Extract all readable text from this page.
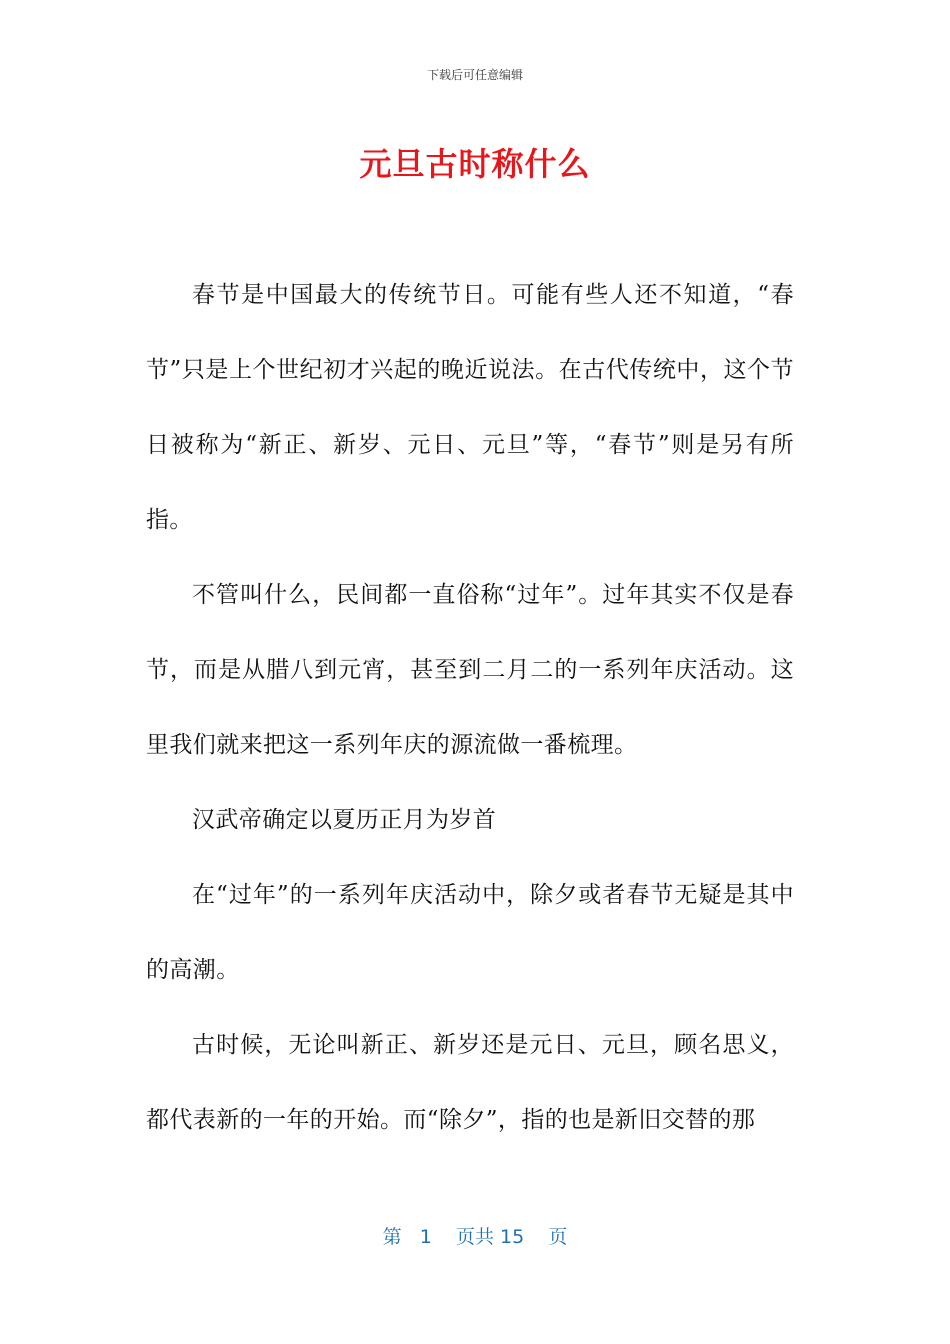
下载后可任意编辑
元旦古时称什么

春节是中国最大的传统节日。可能有些人还不知道，“春节”只是上个世纪初才兴起的晚近说法。在古代传统中，这个节日被称为“新正、新岁、元日、元旦”等，“春节”则是另有所指。

不管叫什么，民间都一直俗称“过年”。过年其实不仅是春节，而是从腊八到元宵，甚至到二月二的一系列年庆活动。这里我们就来把这一系列年庆的源流做一番梳理。

汉武帝确定以夏历正月为岁首

在“过年”的一系列年庆活动中，除夕或者春节无疑是其中的高潮。

古时候，无论叫新正、新岁还是元日、元旦，顾名思义，都代表新的一年的开始。而“除夕”，指的也是新旧交替的那

第 1 页共 15 页
